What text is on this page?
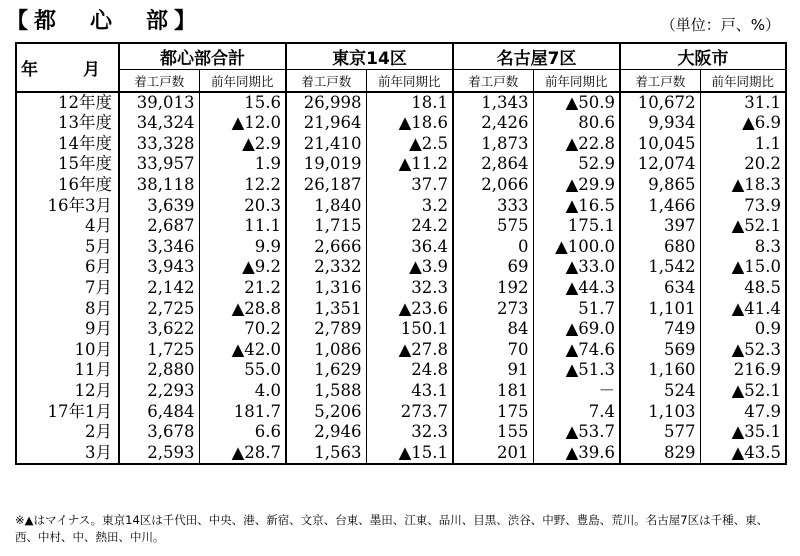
【都　心　部】	（単位：戸、%）
年　月	都心部合計		東京14区		名古屋7区		大阪市	
	着工戸数	前年同期比	着工戸数	前年同期比	着工戸数	前年同期比	着工戸数	前年同期比
12年度	39,013	15.6	26,998	18.1	1,343	▲50.9	10,672	31.1
13年度	34,324	▲12.0	21,964	▲18.6	2,426	80.6	9,934	▲6.9
14年度	33,328	▲2.9	21,410	▲2.5	1,873	▲22.8	10,045	1.1
15年度	33,957	1.9	19,019	▲11.2	2,864	52.9	12,074	20.2
16年度	38,118	12.2	26,187	37.7	2,066	▲29.9	9,865	▲18.3
16年3月	3,639	20.3	1,840	3.2	333	▲16.5	1,466	73.9
4月	2,687	11.1	1,715	24.2	575	175.1	397	▲52.1
5月	3,346	9.9	2,666	36.4	0	▲100.0	680	8.3
6月	3,943	▲9.2	2,332	▲3.9	69	▲33.0	1,542	▲15.0
7月	2,142	21.2	1,316	32.3	192	▲44.3	634	48.5
8月	2,725	▲28.8	1,351	▲23.6	273	51.7	1,101	▲41.4
9月	3,622	70.2	2,789	150.1	84	▲69.0	749	0.9
10月	1,725	▲42.0	1,086	▲27.8	70	▲74.6	569	▲52.3
11月	2,880	55.0	1,629	24.8	91	▲51.3	1,160	216.9
12月	2,293	4.0	1,588	43.1	181	－	524	▲52.1
17年1月	6,484	181.7	5,206	273.7	175	7.4	1,103	47.9
2月	3,678	6.6	2,946	32.3	155	▲53.7	577	▲35.1
3月	2,593	▲28.7	1,563	▲15.1	201	▲39.6	829	▲43.5
※▲はマイナス。東京14区は千代田、中央、港、新宿、文京、台東、墨田、江東、品川、目黒、渋谷、中野、豊島、荒川。名古屋7区は千種、東、西、中村、中、熱田、中川。
